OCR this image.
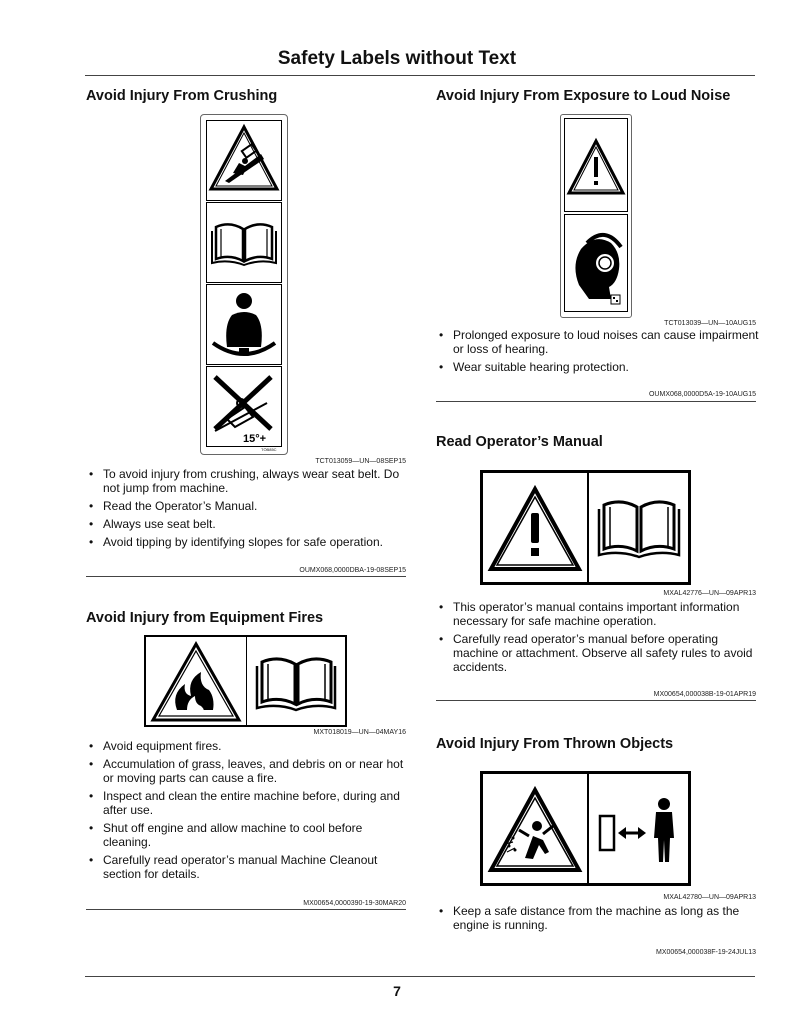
Safety Labels without Text
Avoid Injury From Crushing
15°+
TÖB85C
TCT013059—UN—08SEP15
• To avoid injury from crushing, always wear seat belt. Do not jump from machine.
• Read the Operator’s Manual.
• Always use seat belt.
• Avoid tipping by identifying slopes for safe operation.
OUMX068,0000DBA-19-08SEP15
Avoid Injury from Equipment Fires
MXT018019—UN—04MAY16
• Avoid equipment fires.
• Accumulation of grass, leaves, and debris on or near hot or moving parts can cause a fire.
• Inspect and clean the entire machine before, during and after use.
• Shut off engine and allow machine to cool before cleaning.
• Carefully read operator’s manual Machine Cleanout section for details.
MX00654,0000390-19-30MAR20
Avoid Injury From Exposure to Loud Noise
TCT013039—UN—10AUG15
• Prolonged exposure to loud noises can cause impairment or loss of hearing.
• Wear suitable hearing protection.
OUMX068,0000D5A-19-10AUG15
Read Operator’s Manual
MXAL42776—UN—09APR13
• This operator’s manual contains important information necessary for safe machine operation.
• Carefully read operator’s manual before operating machine or attachment. Observe all safety rules to avoid accidents.
MX00654,000038B-19-01APR19
Avoid Injury From Thrown Objects
MXAL42780—UN—09APR13
• Keep a safe distance from the machine as long as the engine is running.
MX00654,000038F-19-24JUL13
7
